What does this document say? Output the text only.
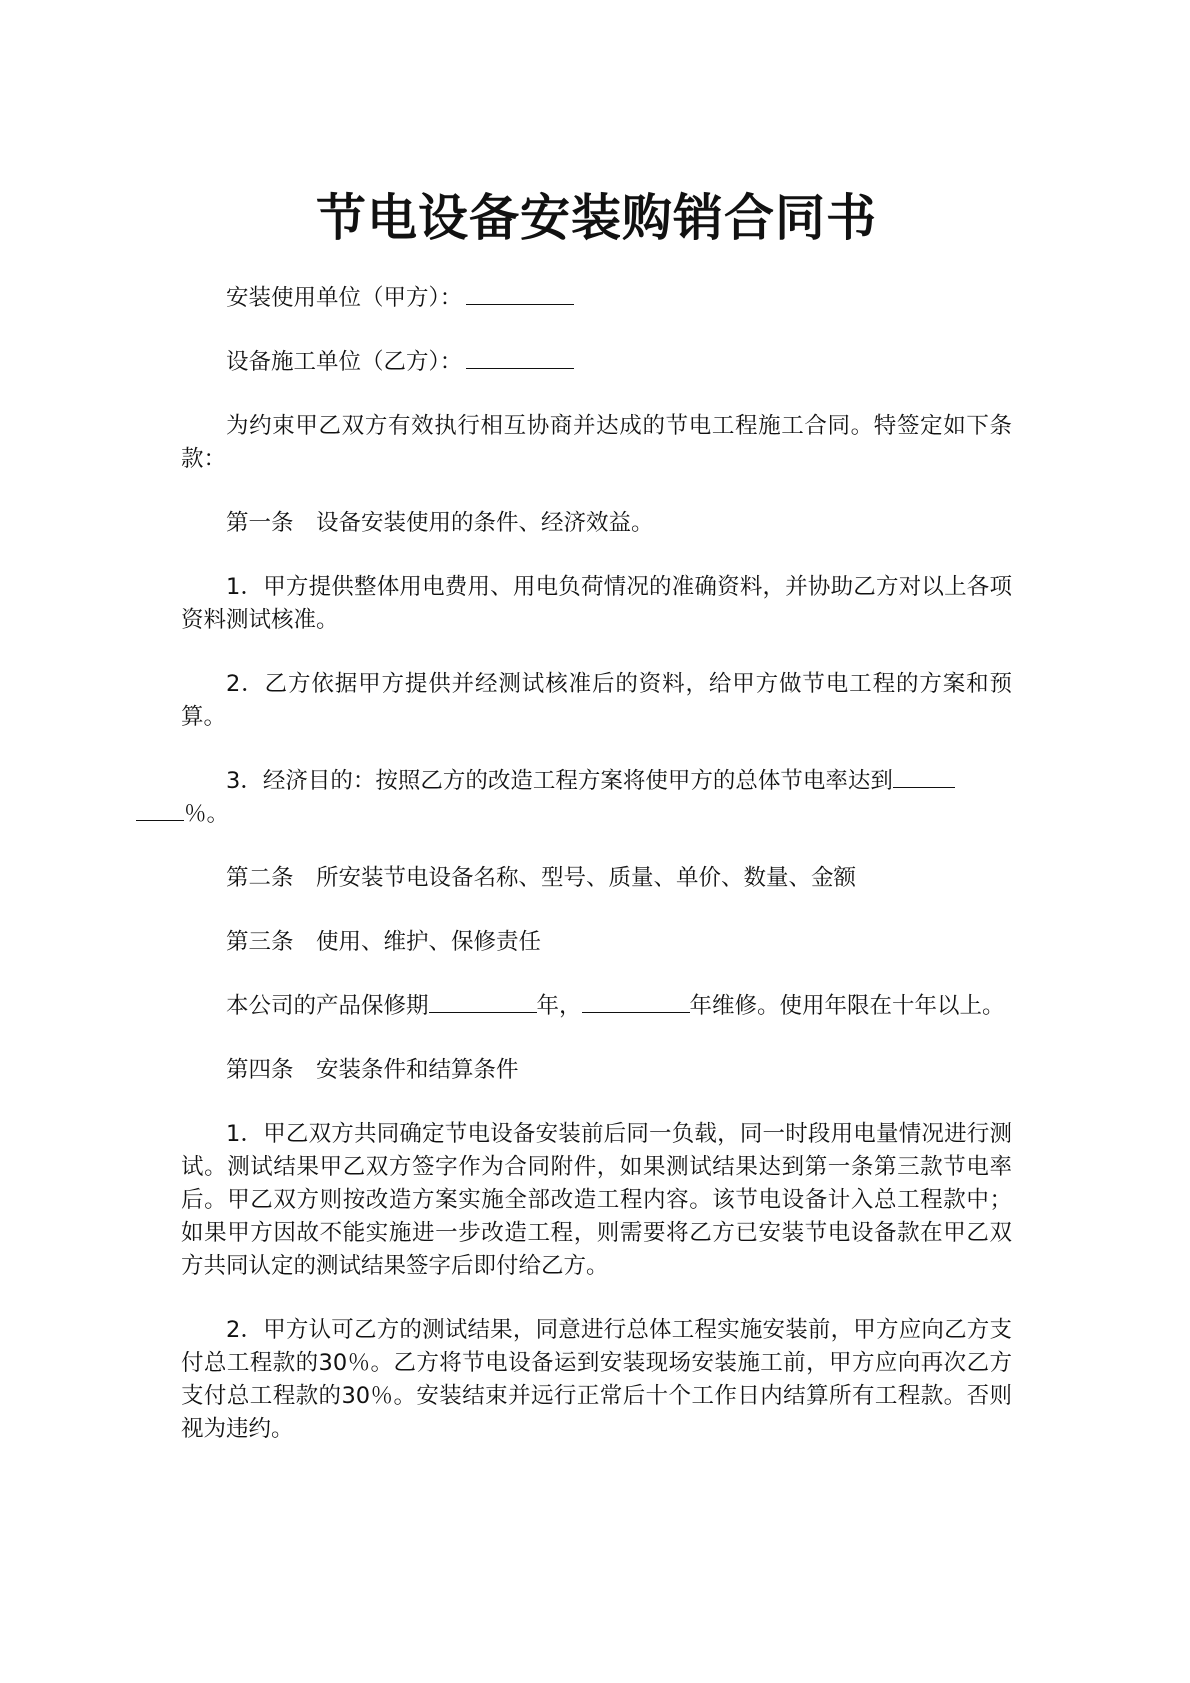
节电设备安装购销合同书

安装使用单位（甲方）：

设备施工单位（乙方）：

为约束甲乙双方有效执行相互协商并达成的节电工程施工合同。特签定如下条款：

第一条　设备安装使用的条件、经济效益。

1．甲方提供整体用电费用、用电负荷情况的准确资料，并协助乙方对以上各项资料测试核准。

2．乙方依据甲方提供并经测试核准后的资料，给甲方做节电工程的方案和预算。

3．经济目的：按照乙方的改造工程方案将使甲方的总体节电率达到
％。

第二条　所安装节电设备名称、型号、质量、单价、数量、金额

第三条　使用、维护、保修责任

本公司的产品保修期	年，	年维修。使用年限在十年以上。

第四条　安装条件和结算条件

1．甲乙双方共同确定节电设备安装前后同一负载，同一时段用电量情况进行测试。测试结果甲乙双方签字作为合同附件，如果测试结果达到第一条第三款节电率后。甲乙双方则按改造方案实施全部改造工程内容。该节电设备计入总工程款中；如果甲方因故不能实施进一步改造工程，则需要将乙方已安装节电设备款在甲乙双方共同认定的测试结果签字后即付给乙方。

2．甲方认可乙方的测试结果，同意进行总体工程实施安装前，甲方应向乙方支付总工程款的30％。乙方将节电设备运到安装现场安装施工前，甲方应向再次乙方支付总工程款的30％。安装结束并远行正常后十个工作日内结算所有工程款。否则视为违约。
